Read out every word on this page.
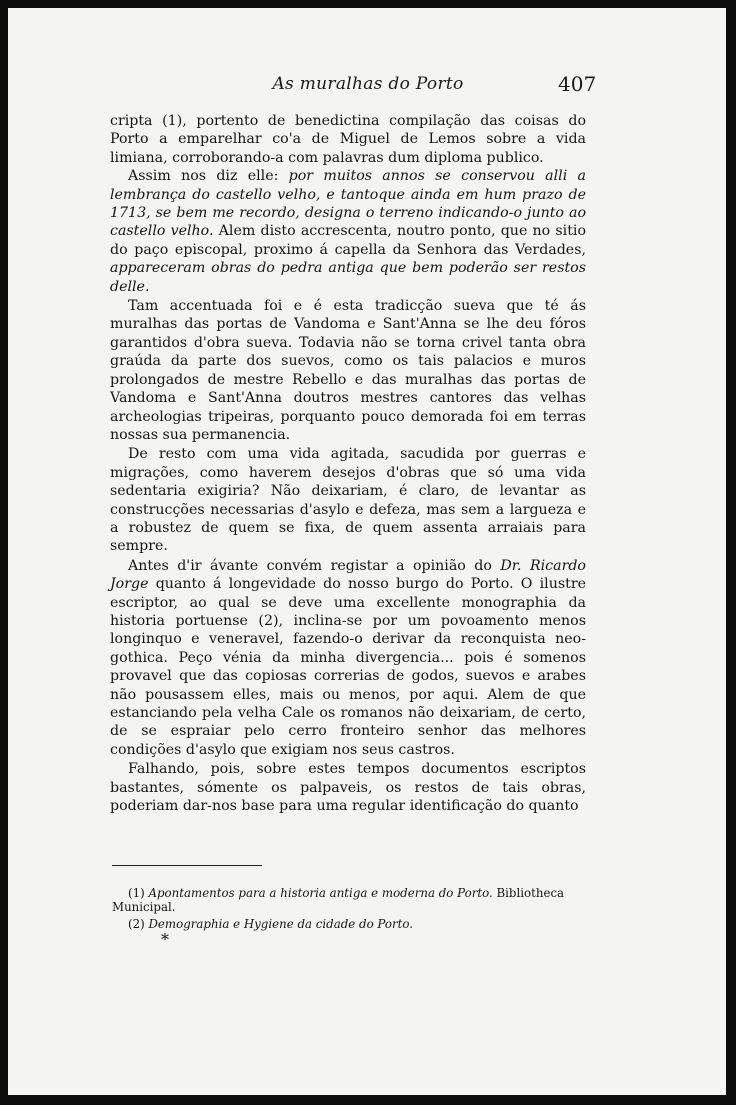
As muralhas do Porto	407

cripta (1), portento de benedictina compilação das coisas do Porto a emparelhar co'a de Miguel de Lemos sobre a vida limiana, corroborando-a com palavras dum diploma publico.

Assim nos diz elle: por muitos annos se conservou alli a lembrança do castello velho, e tantoque ainda em hum prazo de 1713, se bem me recordo, designa o terreno indicando-o junto ao castello velho. Alem disto accrescenta, noutro ponto, que no sitio do paço episcopal, proximo á capella da Senhora das Verdades, appareceram obras do pedra antiga que bem poderão ser restos delle.

Tam accentuada foi e é esta tradicção sueva que té ás muralhas das portas de Vandoma e Sant'Anna se lhe deu fóros garantidos d'obra sueva. Todavia não se torna crivel tanta obra graúda da parte dos suevos, como os tais palacios e muros prolongados de mestre Rebello e das muralhas das portas de Vandoma e Sant'Anna doutros mestres cantores das velhas archeologias tripeiras, porquanto pouco demorada foi em terras nossas sua permanencia.

De resto com uma vida agitada, sacudida por guerras e migrações, como haverem desejos d'obras que só uma vida sedentaria exigiria? Não deixariam, é claro, de levantar as construcções necessarias d'asylo e defeza, mas sem a largueza e a robustez de quem se fixa, de quem assenta arraiais para sempre.

Antes d'ir ávante convém registar a opinião do Dr. Ricardo Jorge quanto á longevidade do nosso burgo do Porto. O ilustre escriptor, ao qual se deve uma excellente monographia da historia portuense (2), inclina-se por um povoamento menos longinquo e veneravel, fazendo-o derivar da reconquista neo-gothica. Peço vénia da minha divergencia... pois é somenos provavel que das copiosas correrias de godos, suevos e arabes não pousassem elles, mais ou menos, por aqui. Alem de que estanciando pela velha Cale os romanos não deixariam, de certo, de se espraiar pelo cerro fronteiro senhor das melhores condições d'asylo que exigiam nos seus castros.

Falhando, pois, sobre estes tempos documentos escriptos bastantes, sómente os palpaveis, os restos de tais obras, poderiam dar-nos base para uma regular identificação do quanto

(1) Apontamentos para a historia antiga e moderna do Porto. Bibliotheca Municipal.

(2) Demographia e Hygiene da cidade do Porto.

*
